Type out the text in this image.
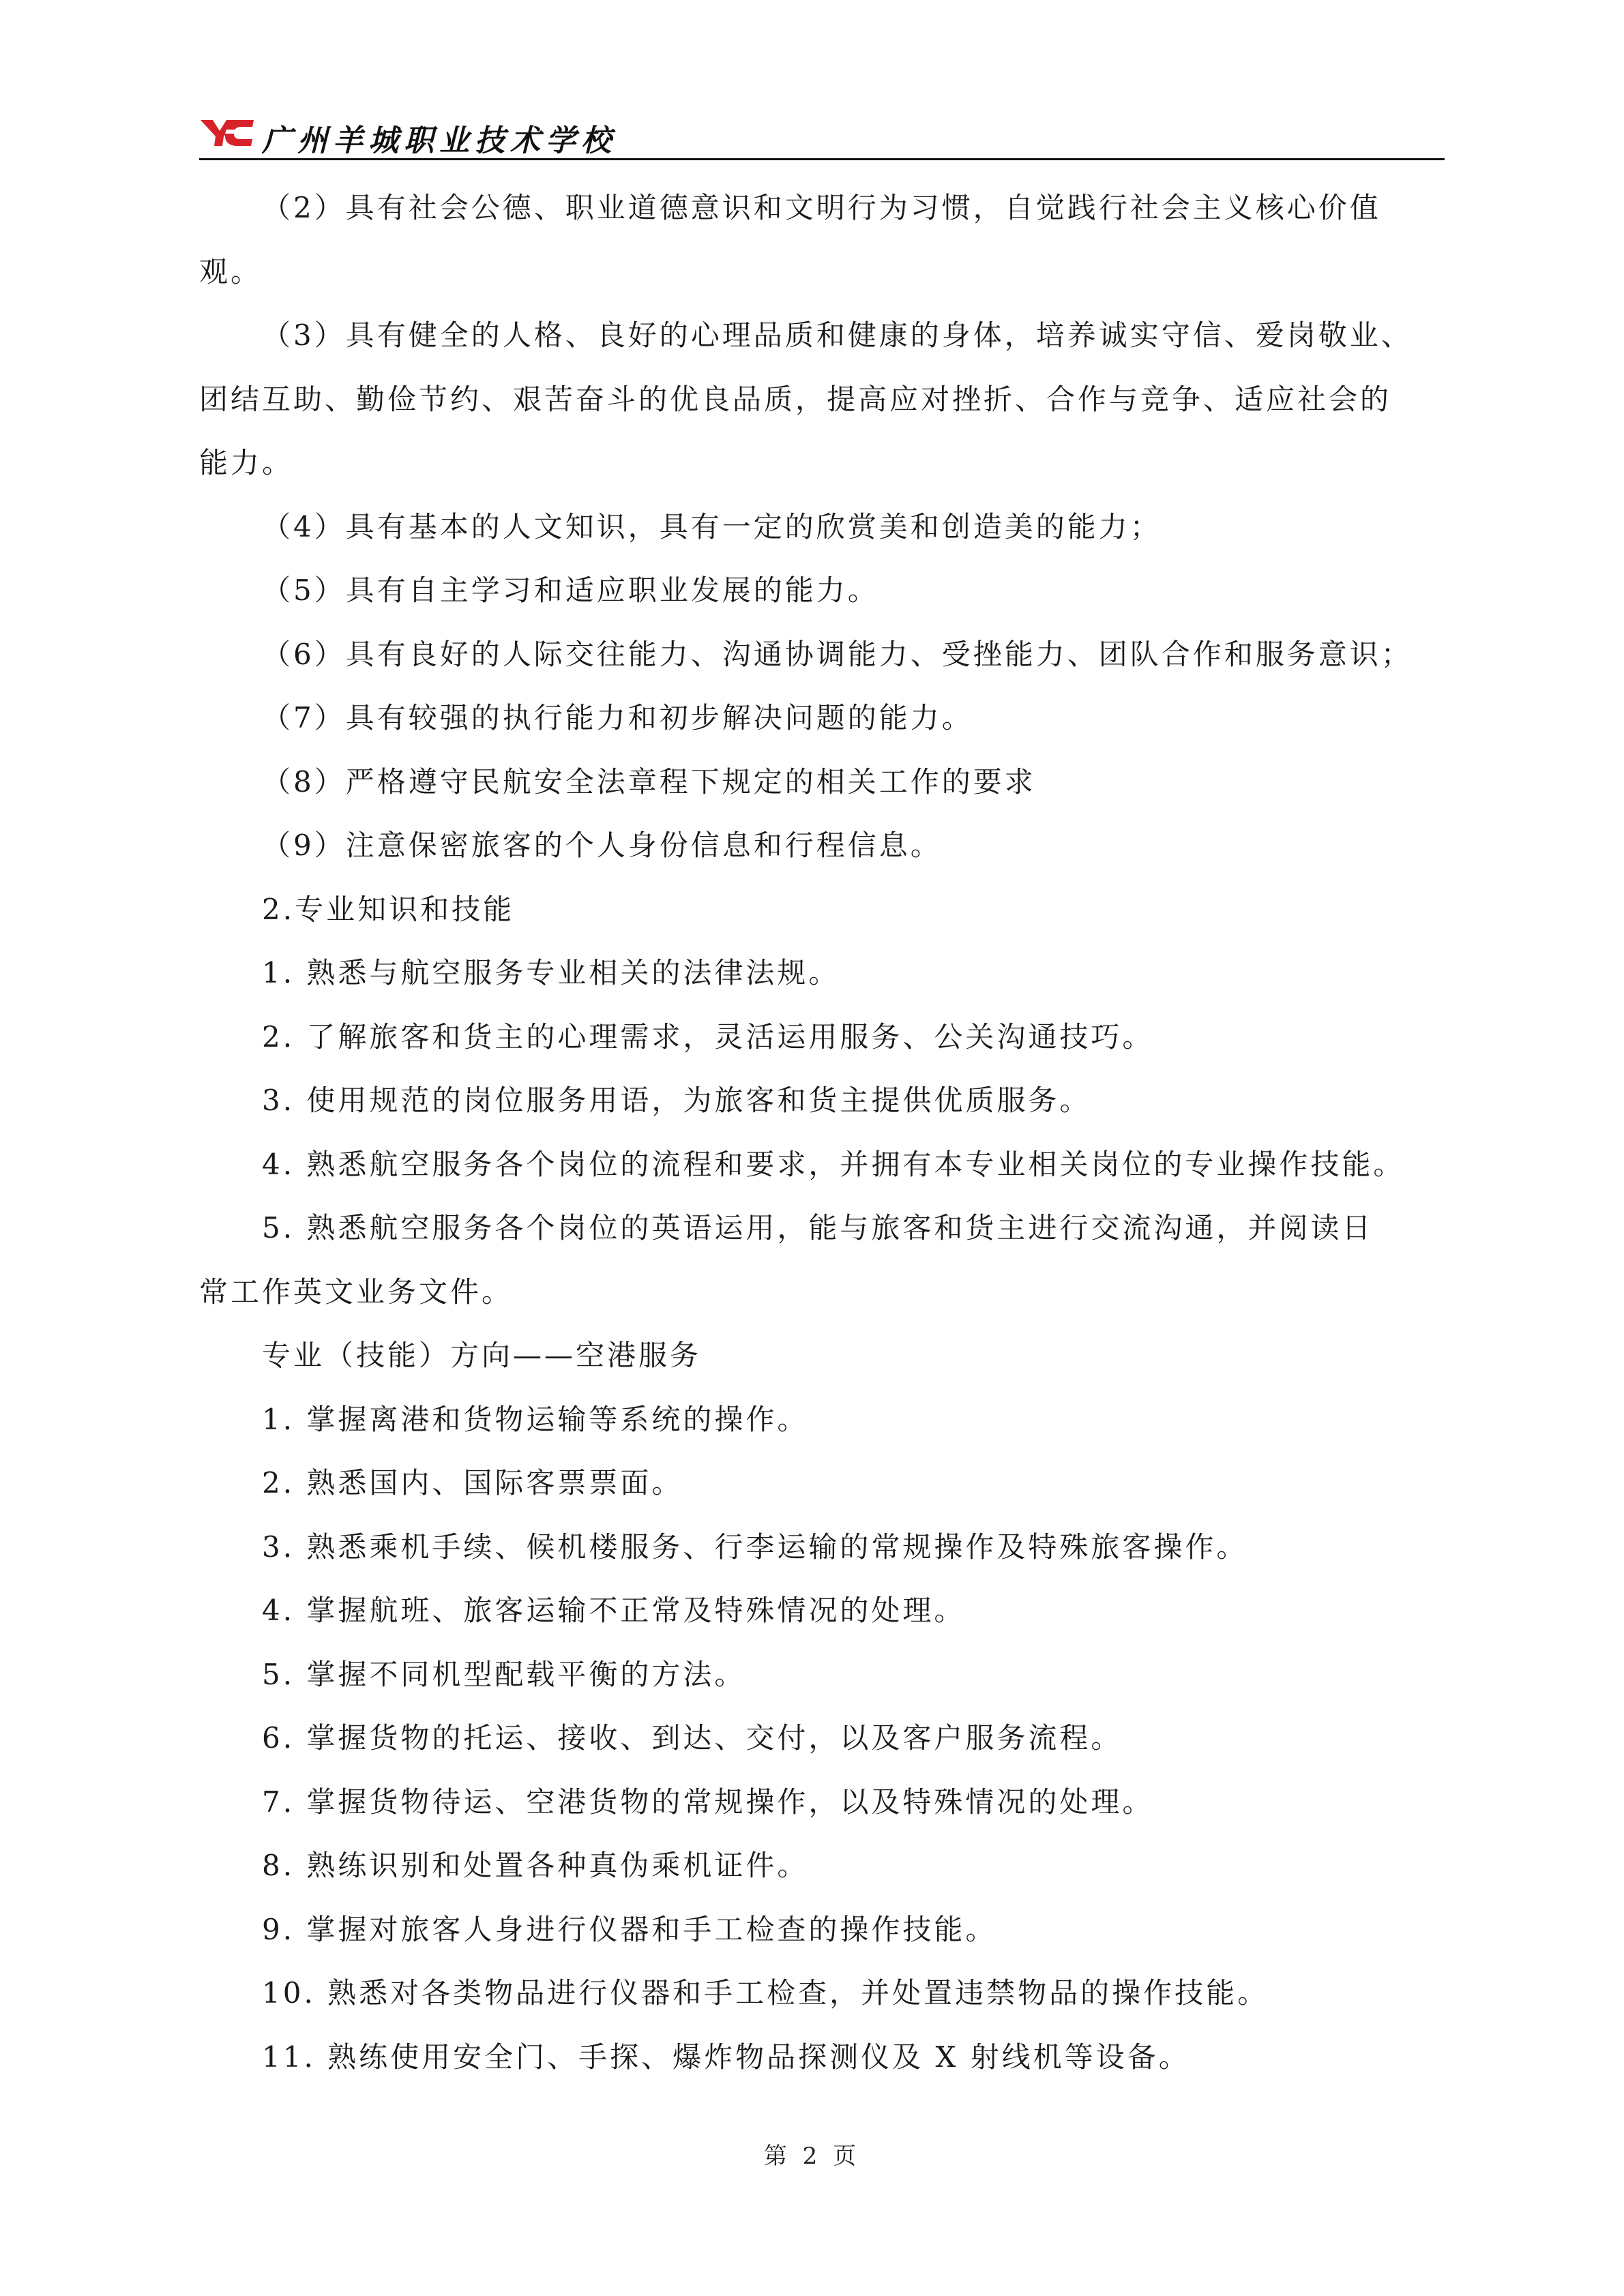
广州羊城职业技术学校
（2）具有社会公德、职业道德意识和文明行为习惯，自觉践行社会主义核心价值
观。
（3）具有健全的人格、良好的心理品质和健康的身体，培养诚实守信、爱岗敬业、
团结互助、勤俭节约、艰苦奋斗的优良品质，提高应对挫折、合作与竞争、适应社会的
能力。
（4）具有基本的人文知识，具有一定的欣赏美和创造美的能力；
（5）具有自主学习和适应职业发展的能力。
（6）具有良好的人际交往能力、沟通协调能力、受挫能力、团队合作和服务意识；
（7）具有较强的执行能力和初步解决问题的能力。
（8）严格遵守民航安全法章程下规定的相关工作的要求
（9）注意保密旅客的个人身份信息和行程信息。
2.专业知识和技能
1. 熟悉与航空服务专业相关的法律法规。
2. 了解旅客和货主的心理需求，灵活运用服务、公关沟通技巧。
3. 使用规范的岗位服务用语，为旅客和货主提供优质服务。
4. 熟悉航空服务各个岗位的流程和要求，并拥有本专业相关岗位的专业操作技能。
5. 熟悉航空服务各个岗位的英语运用，能与旅客和货主进行交流沟通，并阅读日
常工作英文业务文件。
专业（技能）方向——空港服务
1. 掌握离港和货物运输等系统的操作。
2. 熟悉国内、国际客票票面。
3. 熟悉乘机手续、候机楼服务、行李运输的常规操作及特殊旅客操作。
4. 掌握航班、旅客运输不正常及特殊情况的处理。
5. 掌握不同机型配载平衡的方法。
6. 掌握货物的托运、接收、到达、交付，以及客户服务流程。
7. 掌握货物待运、空港货物的常规操作，以及特殊情况的处理。
8. 熟练识别和处置各种真伪乘机证件。
9. 掌握对旅客人身进行仪器和手工检查的操作技能。
10. 熟悉对各类物品进行仪器和手工检查，并处置违禁物品的操作技能。
11. 熟练使用安全门、手探、爆炸物品探测仪及 X 射线机等设备。
第 2 页
